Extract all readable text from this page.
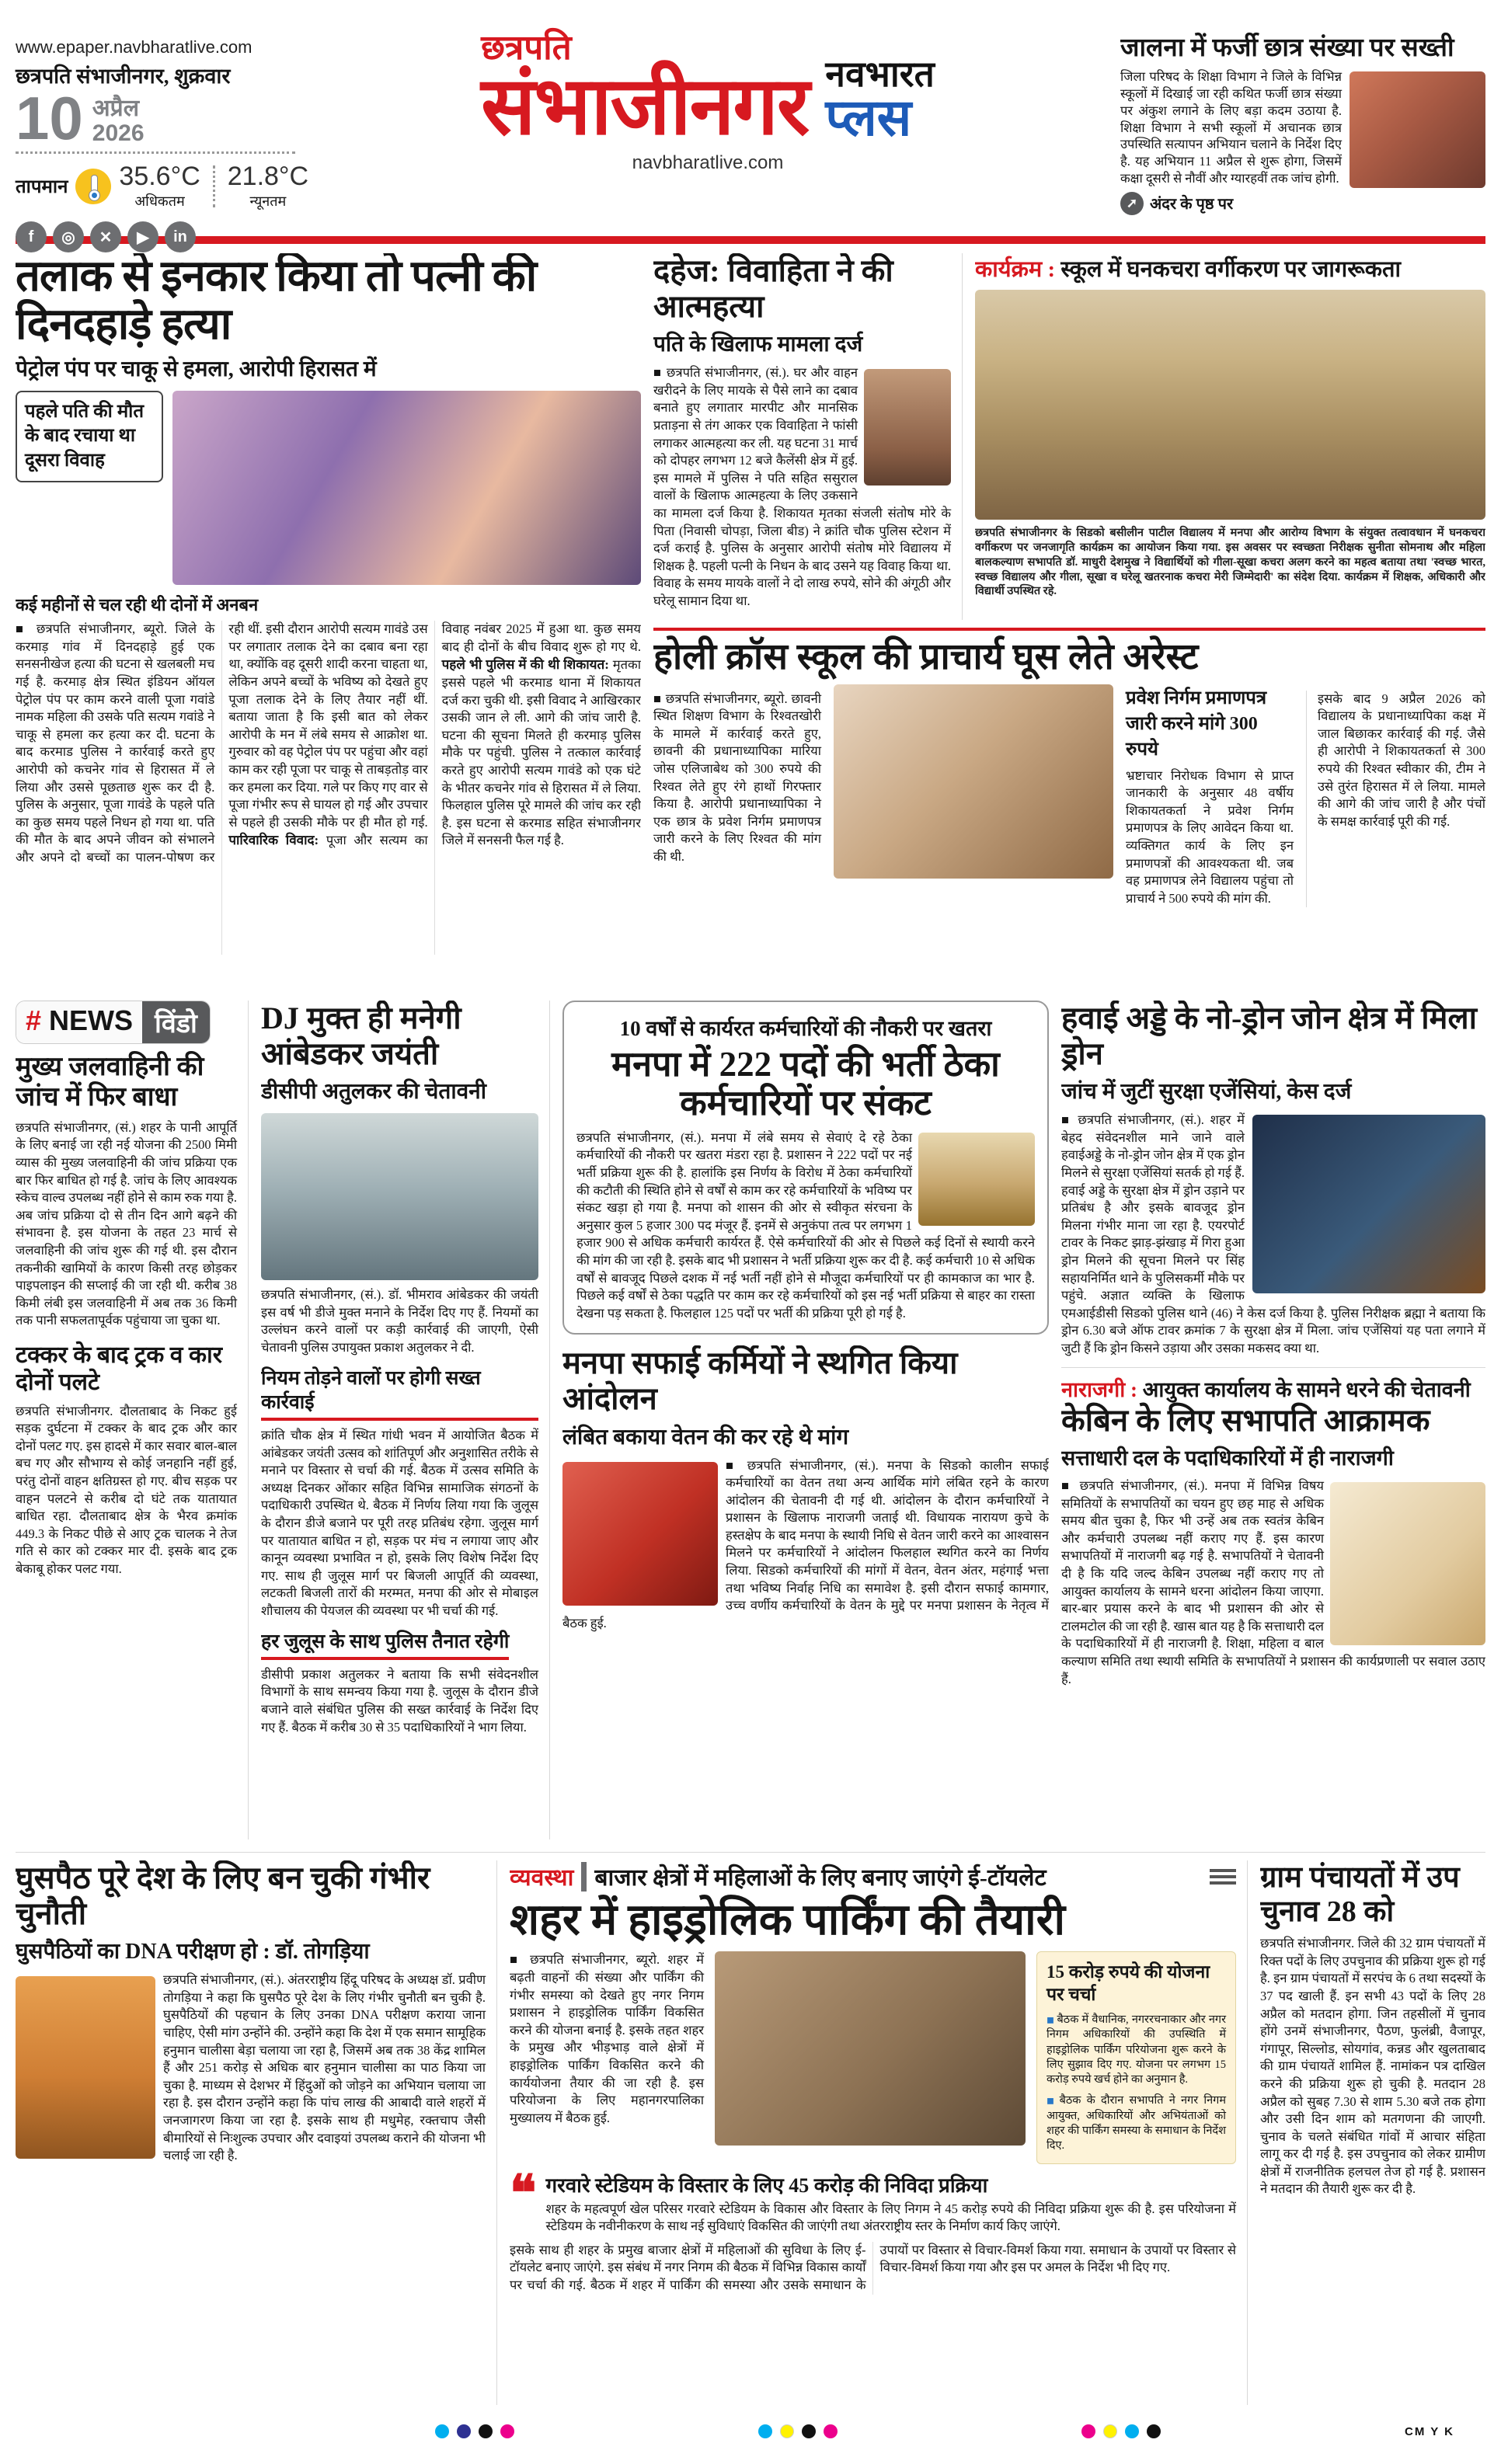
www.epaper.navbharatlive.com
छत्रपति संभाजीनगर, शुक्रवार
10 अप्रैल
2026
तापमान 35.6°C
अधिकतम
21.8°C
न्यूनतम
f	◎	✕	▶	in
छत्रपति
संभाजीनगर नवभारत
प्लस
navbharatlive.com
जालना में फर्जी छात्र संख्या पर सख्ती
जिला परिषद के शिक्षा विभाग ने जिले के विभिन्न स्कूलों में दिखाई जा रही कथित फर्जी छात्र संख्या पर अंकुश लगाने के लिए बड़ा कदम उठाया है. शिक्षा विभाग ने सभी स्कूलों में अचानक छात्र उपस्थिति सत्यापन अभियान चलाने के निर्देश दिए है. यह अभियान 11 अप्रैल से शुरू होगा, जिसमें कक्षा दूसरी से नौवीं और ग्यारहवीं तक जांच होगी.
➚ अंदर के पृष्ठ पर
तलाक से इनकार किया तो पत्नी की दिनदहाड़े हत्या
पेट्रोल पंप पर चाकू से हमला, आरोपी हिरासत में
पहले पति की मौत के बाद रचाया था दूसरा विवाह
कई महीनों से चल रही थी दोनों में अनबन
■ छत्रपति संभाजीनगर, ब्यूरो. जिले के करमाड़ गांव में दिनदहाड़े हुई एक सनसनीखेज हत्या की घटना से खलबली मच गई है. करमाड़ क्षेत्र स्थित इंडियन ऑयल पेट्रोल पंप पर काम करने वाली पूजा गवांडे नामक महिला की उसके पति सत्यम गवांडे ने चाकू से हमला कर हत्या कर दी. घटना के बाद करमाड पुलिस ने कार्रवाई करते हुए आरोपी को कचनेर गांव से हिरासत में ले लिया और उससे पूछताछ शुरू कर दी है. पुलिस के अनुसार, पूजा गावंडे के पहले पति का कुछ समय पहले निधन हो गया था. पति की मौत के बाद अपने जीवन को संभालने और अपने दो बच्चों का पालन-पोषण कर रही थीं. इसी दौरान आरोपी सत्यम गावंडे उस पर लगातार तलाक देने का दबाव बना रहा था, क्योंकि वह दूसरी शादी करना चाहता था, लेकिन अपने बच्चों के भविष्य को देखते हुए पूजा तलाक देने के लिए तैयार नहीं थीं. बताया जाता है कि इसी बात को लेकर आरोपी के मन में लंबे समय से आक्रोश था. गुरुवार को वह पेट्रोल पंप पर पहुंचा और वहां काम कर रही पूजा पर चाकू से ताबड़तोड़ वार कर हमला कर दिया. गले पर किए गए वार से पूजा गंभीर रूप से घायल हो गई और उपचार से पहले ही उसकी मौके पर ही मौत हो गई. पारिवारिक विवाद: पूजा और सत्यम का विवाह नवंबर 2025 में हुआ था. कुछ समय बाद ही दोनों के बीच विवाद शुरू हो गए थे. पहले भी पुलिस में की थी शिकायत: मृतका इससे पहले भी करमाड थाना में शिकायत दर्ज करा चुकी थी. इसी विवाद ने आखिरकार उसकी जान ले ली. आगे की जांच जारी है. घटना की सूचना मिलते ही करमाड़ पुलिस मौके पर पहुंची. पुलिस ने तत्काल कार्रवाई करते हुए आरोपी सत्यम गावंडे को एक घंटे के भीतर कचनेर गांव से हिरासत में ले लिया. फिलहाल पुलिस पूरे मामले की जांच कर रही है. इस घटना से करमाड सहित संभाजीनगर जिले में सनसनी फैल गई है.
दहेज: विवाहिता ने की आत्महत्या
पति के खिलाफ मामला दर्ज
■ छत्रपति संभाजीनगर, (सं.). घर और वाहन खरीदने के लिए मायके से पैसे लाने का दबाव बनाते हुए लगातार मारपीट और मानसिक प्रताड़ना से तंग आकर एक विवाहिता ने फांसी लगाकर आत्महत्या कर ली. यह घटना 31 मार्च को दोपहर लगभग 12 बजे कैलेंसी क्षेत्र में हुई. इस मामले में पुलिस ने पति सहित ससुराल वालों के खिलाफ आत्महत्या के लिए उकसाने का मामला दर्ज किया है. शिकायत मृतका संजली संतोष मोरे के पिता (निवासी चोपड़ा, जिला बीड) ने क्रांति चौक पुलिस स्टेशन में दर्ज कराई है. पुलिस के अनुसार आरोपी संतोष मोरे विद्यालय में शिक्षक है. पहली पत्नी के निधन के बाद उसने यह विवाह किया था. विवाह के समय मायके वालों ने दो लाख रुपये, सोने की अंगूठी और घरेलू सामान दिया था.
कार्यक्रम : स्कूल में घनकचरा वर्गीकरण पर जागरूकता
छत्रपति संभाजीनगर के सिडको बसीलीन पाटील विद्यालय में मनपा और आरोग्य विभाग के संयुक्त तत्वावधान में घनकचरा वर्गीकरण पर जनजागृति कार्यक्रम का आयोजन किया गया. इस अवसर पर स्वच्छता निरीक्षक सुनीता सोमनाथ और महिला बालकल्याण सभापति डॉ. माधुरी देशमुख ने विद्यार्थियों को गीला-सूखा कचरा अलग करने का महत्व बताया तथा 'स्वच्छ भारत, स्वच्छ विद्यालय और गीला, सूखा व घरेलू खतरनाक कचरा मेरी जिम्मेदारी' का संदेश दिया. कार्यक्रम में शिक्षक, अधिकारी और विद्यार्थी उपस्थित रहे.
होली क्रॉस स्कूल की प्राचार्य घूस लेते अरेस्ट
■ छत्रपति संभाजीनगर, ब्यूरो. छावनी स्थित शिक्षण विभाग के रिश्वतखोरी के मामले में कार्रवाई करते हुए, छावनी की प्रधानाध्यापिका मारिया जोस एलिजाबेथ को 300 रुपये की रिश्वत लेते हुए रंगे हाथों गिरफ्तार किया है. आरोपी प्रधानाध्यापिका ने एक छात्र के प्रवेश निर्गम प्रमाणपत्र जारी करने के लिए रिश्वत की मांग की थी.
प्रवेश निर्गम प्रमाणपत्र जारी करने मांगे 300 रुपये
भ्रष्टाचार निरोधक विभाग से प्राप्त जानकारी के अनुसार 48 वर्षीय शिकायतकर्ता ने प्रवेश निर्गम प्रमाणपत्र के लिए आवेदन किया था. व्यक्तिगत कार्य के लिए इन प्रमाणपत्रों की आवश्यकता थी. जब वह प्रमाणपत्र लेने विद्यालय पहुंचा तो प्राचार्य ने 500 रुपये की मांग की.
इसके बाद 9 अप्रैल 2026 को विद्यालय के प्रधानाध्यापिका कक्ष में जाल बिछाकर कार्रवाई की गई. जैसे ही आरोपी ने शिकायतकर्ता से 300 रुपये की रिश्वत स्वीकार की, टीम ने उसे तुरंत हिरासत में ले लिया. मामले की आगे की जांच जारी है और पंचों के समक्ष कार्रवाई पूरी की गई.
# NEWS विंडो
मुख्य जलवाहिनी की जांच में फिर बाधा
छत्रपति संभाजीनगर, (सं.) शहर के पानी आपूर्ति के लिए बनाई जा रही नई योजना की 2500 मिमी व्यास की मुख्य जलवाहिनी की जांच प्रक्रिया एक बार फिर बाधित हो गई है. जांच के लिए आवश्यक स्केच वाल्व उपलब्ध नहीं होने से काम रुक गया है. अब जांच प्रक्रिया दो से तीन दिन आगे बढ़ने की संभावना है. इस योजना के तहत 23 मार्च से जलवाहिनी की जांच शुरू की गई थी. इस दौरान तकनीकी खामियों के कारण किसी तरह छोड़कर पाइपलाइन की सप्लाई की जा रही थी. करीब 38 किमी लंबी इस जलवाहिनी में अब तक 36 किमी तक पानी सफलतापूर्वक पहुंचाया जा चुका था.
टक्कर के बाद ट्रक व कार दोनों पलटे
छत्रपति संभाजीनगर. दौलताबाद के निकट हुई सड़क दुर्घटना में टक्कर के बाद ट्रक और कार दोनों पलट गए. इस हादसे में कार सवार बाल-बाल बच गए और सौभाग्य से कोई जनहानि नहीं हुई, परंतु दोनों वाहन क्षतिग्रस्त हो गए. बीच सड़क पर वाहन पलटने से करीब दो घंटे तक यातायात बाधित रहा. दौलताबाद क्षेत्र के भैरव क्रमांक 449.3 के निकट पीछे से आए ट्रक चालक ने तेज गति से कार को टक्कर मार दी. इसके बाद ट्रक बेकाबू होकर पलट गया.
DJ मुक्त ही मनेगी आंबेडकर जयंती
डीसीपी अतुलकर की चेतावनी
छत्रपति संभाजीनगर, (सं.). डॉ. भीमराव आंबेडकर की जयंती इस वर्ष भी डीजे मुक्त मनाने के निर्देश दिए गए हैं. नियमों का उल्लंघन करने वालों पर कड़ी कार्रवाई की जाएगी, ऐसी चेतावनी पुलिस उपायुक्त प्रकाश अतुलकर ने दी.
नियम तोड़ने वालों पर होगी सख्त कार्रवाई
क्रांति चौक क्षेत्र में स्थित गांधी भवन में आयोजित बैठक में आंबेडकर जयंती उत्सव को शांतिपूर्ण और अनुशासित तरीके से मनाने पर विस्तार से चर्चा की गई. बैठक में उत्सव समिति के अध्यक्ष दिनकर ओंकार सहित विभिन्न सामाजिक संगठनों के पदाधिकारी उपस्थित थे. बैठक में निर्णय लिया गया कि जुलूस के दौरान डीजे बजाने पर पूरी तरह प्रतिबंध रहेगा. जुलूस मार्ग पर यातायात बाधित न हो, सड़क पर मंच न लगाया जाए और कानून व्यवस्था प्रभावित न हो, इसके लिए विशेष निर्देश दिए गए. साथ ही जुलूस मार्ग पर बिजली आपूर्ति की व्यवस्था, लटकती बिजली तारों की मरम्मत, मनपा की ओर से मोबाइल शौचालय की पेयजल की व्यवस्था पर भी चर्चा की गई.
हर जुलूस के साथ पुलिस तैनात रहेगी
डीसीपी प्रकाश अतुलकर ने बताया कि सभी संवेदनशील विभागों के साथ समन्वय किया गया है. जुलूस के दौरान डीजे बजाने वाले संबंधित पुलिस की सख्त कार्रवाई के निर्देश दिए गए हैं. बैठक में करीब 30 से 35 पदाधिकारियों ने भाग लिया.
10 वर्षों से कार्यरत कर्मचारियों की नौकरी पर खतरा
मनपा में 222 पदों की भर्ती ठेका कर्मचारियों पर संकट
छत्रपति संभाजीनगर, (सं.). मनपा में लंबे समय से सेवाएं दे रहे ठेका कर्मचारियों की नौकरी पर खतरा मंडरा रहा है. प्रशासन ने 222 पदों पर नई भर्ती प्रक्रिया शुरू की है. हालांकि इस निर्णय के विरोध में ठेका कर्मचारियों की कटौती की स्थिति होने से वर्षों से काम कर रहे कर्मचारियों के भविष्य पर संकट खड़ा हो गया है. मनपा को शासन की ओर से स्वीकृत संरचना के अनुसार कुल 5 हजार 300 पद मंजूर हैं. इनमें से अनुकंपा तत्व पर लगभग 1 हजार 900 से अधिक कर्मचारी कार्यरत हैं. ऐसे कर्मचारियों की ओर से पिछले कई दिनों से स्थायी करने की मांग की जा रही है. इसके बाद भी प्रशासन ने भर्ती प्रक्रिया शुरू कर दी है. कई कर्मचारी 10 से अधिक वर्षों से बावजूद पिछले दशक में नई भर्ती नहीं होने से मौजूदा कर्मचारियों पर ही कामकाज का भार है. पिछले कई वर्षों से ठेका पद्धति पर काम कर रहे कर्मचारियों को इस नई भर्ती प्रक्रिया से बाहर का रास्ता देखना पड़ सकता है. फिलहाल 125 पदों पर भर्ती की प्रक्रिया पूरी हो गई है.
मनपा सफाई कर्मियों ने स्थगित किया आंदोलन
लंबित बकाया वेतन की कर रहे थे मांग
■ छत्रपति संभाजीनगर, (सं.). मनपा के सिडको कालीन सफाई कर्मचारियों का वेतन तथा अन्य आर्थिक मांगे लंबित रहने के कारण आंदोलन की चेतावनी दी गई थी. आंदोलन के दौरान कर्मचारियों ने प्रशासन के खिलाफ नाराजगी जताई थी. विधायक नारायण कुचे के हस्तक्षेप के बाद मनपा के स्थायी निधि से वेतन जारी करने का आश्वासन मिलने पर कर्मचारियों ने आंदोलन फिलहाल स्थगित करने का निर्णय लिया. सिडको कर्मचारियों की मांगों में वेतन, वेतन अंतर, महंगाई भत्ता तथा भविष्य निर्वाह निधि का समावेश है. इसी दौरान सफाई कामगार, उच्च वर्णीय कर्मचारियों के वेतन के मुद्दे पर मनपा प्रशासन के नेतृत्व में बैठक हुई.
हवाई अड्डे के नो-ड्रोन जोन क्षेत्र में मिला ड्रोन
जांच में जुटीं सुरक्षा एजेंसियां, केस दर्ज
■ छत्रपति संभाजीनगर, (सं.). शहर में बेहद संवेदनशील माने जाने वाले हवाईअड्डे के नो-ड्रोन जोन क्षेत्र में एक ड्रोन मिलने से सुरक्षा एजेंसियां सतर्क हो गई हैं. हवाई अड्डे के सुरक्षा क्षेत्र में ड्रोन उड़ाने पर प्रतिबंध है और इसके बावजूद ड्रोन मिलना गंभीर माना जा रहा है. एयरपोर्ट टावर के निकट झाड़-झंखाड़ में गिरा हुआ ड्रोन मिलने की सूचना मिलने पर सिंह सहायनिर्मित थाने के पुलिसकर्मी मौके पर पहुंचे. अज्ञात व्यक्ति के खिलाफ एमआईडीसी सिडको पुलिस थाने (46) ने केस दर्ज किया है. पुलिस निरीक्षक ब्रह्मा ने बताया कि ड्रोन 6.30 बजे ऑफ टावर क्रमांक 7 के सुरक्षा क्षेत्र में मिला. जांच एजेंसियां यह पता लगाने में जुटी हैं कि ड्रोन किसने उड़ाया और उसका मकसद क्या था.
नाराजगी : आयुक्त कार्यालय के सामने धरने की चेतावनी
केबिन के लिए सभापति आक्रामक
सत्ताधारी दल के पदाधिकारियों में ही नाराजगी
■ छत्रपति संभाजीनगर, (सं.). मनपा में विभिन्न विषय समितियों के सभापतियों का चयन हुए छह माह से अधिक समय बीत चुका है, फिर भी उन्हें अब तक स्वतंत्र केबिन और कर्मचारी उपलब्ध नहीं कराए गए हैं. इस कारण सभापतियों में नाराजगी बढ़ गई है. सभापतियों ने चेतावनी दी है कि यदि जल्द केबिन उपलब्ध नहीं कराए गए तो आयुक्त कार्यालय के सामने धरना आंदोलन किया जाएगा. बार-बार प्रयास करने के बाद भी प्रशासन की ओर से टालमटोल की जा रही है. खास बात यह है कि सत्ताधारी दल के पदाधिकारियों में ही नाराजगी है. शिक्षा, महिला व बाल कल्याण समिति तथा स्थायी समिति के सभापतियों ने प्रशासन की कार्यप्रणाली पर सवाल उठाए हैं.
घुसपैठ पूरे देश के लिए बन चुकी गंभीर चुनौती
घुसपैठियों का DNA परीक्षण हो : डॉ. तोगड़िया
छत्रपति संभाजीनगर, (सं.). अंतरराष्ट्रीय हिंदू परिषद के अध्यक्ष डॉ. प्रवीण तोगड़िया ने कहा कि घुसपैठ पूरे देश के लिए गंभीर चुनौती बन चुकी है. घुसपैठियों की पहचान के लिए उनका DNA परीक्षण कराया जाना चाहिए, ऐसी मांग उन्होंने की. उन्होंने कहा कि देश में एक समान सामूहिक हनुमान चालीसा बेड़ा चलाया जा रहा है, जिसमें अब तक 38 केंद्र शामिल हैं और 251 करोड़ से अधिक बार हनुमान चालीसा का पाठ किया जा चुका है. माध्यम से देशभर में हिंदुओं को जोड़ने का अभियान चलाया जा रहा है. इस दौरान उन्होंने कहा कि पांच लाख की आबादी वाले शहरों में जनजागरण किया जा रहा है. इसके साथ ही मधुमेह, रक्तचाप जैसी बीमारियों से निःशुल्क उपचार और दवाइयां उपलब्ध कराने की योजना भी चलाई जा रही है.
व्यवस्था बाजार क्षेत्रों में महिलाओं के लिए बनाए जाएंगे ई-टॉयलेट
शहर में हाइड्रोलिक पार्किंग की तैयारी
■ छत्रपति संभाजीनगर, ब्यूरो. शहर में बढ़ती वाहनों की संख्या और पार्किंग की गंभीर समस्या को देखते हुए नगर निगम प्रशासन ने हाइड्रोलिक पार्किंग विकसित करने की योजना बनाई है. इसके तहत शहर के प्रमुख और भीड़भाड़ वाले क्षेत्रों में हाइड्रोलिक पार्किंग विकसित करने की कार्ययोजना तैयार की जा रही है. इस परियोजना के लिए महानगरपालिका मुख्यालय में बैठक हुई.
15 करोड़ रुपये की योजना पर चर्चा
◼ बैठक में वैधानिक, नगररचनाकार और नगर निगम अधिकारियों की उपस्थिति में हाइड्रोलिक पार्किंग परियोजना शुरू करने के लिए सुझाव दिए गए. योजना पर लगभग 15 करोड़ रुपये खर्च होने का अनुमान है.
◼ बैठक के दौरान सभापति ने नगर निगम आयुक्त, अधिकारियों और अभियंताओं को शहर की पार्किंग समस्या के समाधान के निर्देश दिए.
❝ गरवारे स्टेडियम के विस्तार के लिए 45 करोड़ की निविदा प्रक्रिया
शहर के महत्वपूर्ण खेल परिसर गरवारे स्टेडियम के विकास और विस्तार के लिए निगम ने 45 करोड़ रुपये की निविदा प्रक्रिया शुरू की है. इस परियोजना में स्टेडियम के नवीनीकरण के साथ नई सुविधाएं विकसित की जाएंगी तथा अंतरराष्ट्रीय स्तर के निर्माण कार्य किए जाएंगे.
इसके साथ ही शहर के प्रमुख बाजार क्षेत्रों में महिलाओं की सुविधा के लिए ई-टॉयलेट बनाए जाएंगे. इस संबंध में नगर निगम की बैठक में विभिन्न विकास कार्यों पर चर्चा की गई. बैठक में शहर में पार्किंग की समस्या और उसके समाधान के उपायों पर विस्तार से विचार-विमर्श किया गया. समाधान के उपायों पर विस्तार से विचार-विमर्श किया गया और इस पर अमल के निर्देश भी दिए गए.
ग्राम पंचायतों में उप चुनाव 28 को
छत्रपति संभाजीनगर. जिले की 32 ग्राम पंचायतों में रिक्त पदों के लिए उपचुनाव की प्रक्रिया शुरू हो गई है. इन ग्राम पंचायतों में सरपंच के 6 तथा सदस्यों के 37 पद खाली हैं. इन सभी 43 पदों के लिए 28 अप्रैल को मतदान होगा. जिन तहसीलों में चुनाव होंगे उनमें संभाजीनगर, पैठण, फुलंब्री, वैजापूर, गंगापूर, सिल्लोड, सोयगांव, कन्नड और खुलताबाद की ग्राम पंचायतें शामिल हैं. नामांकन पत्र दाखिल करने की प्रक्रिया शुरू हो चुकी है. मतदान 28 अप्रैल को सुबह 7.30 से शाम 5.30 बजे तक होगा और उसी दिन शाम को मतगणना की जाएगी. चुनाव के चलते संबंधित गांवों में आचार संहिता लागू कर दी गई है. इस उपचुनाव को लेकर ग्रामीण क्षेत्रों में राजनीतिक हलचल तेज हो गई है. प्रशासन ने मतदान की तैयारी शुरू कर दी है.
CM Y K
